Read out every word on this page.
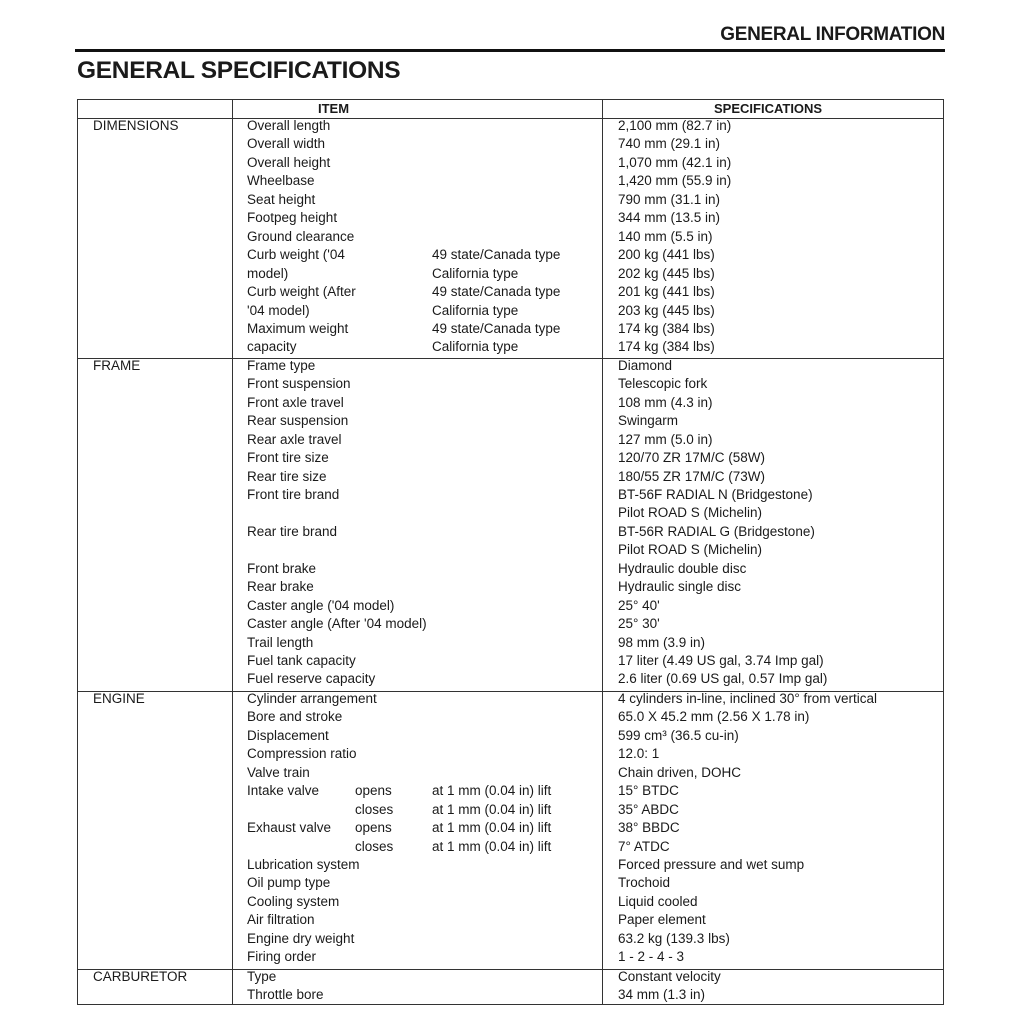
GENERAL INFORMATION
GENERAL SPECIFICATIONS
ITEM	SPECIFICATIONS
DIMENSIONS	Overall length	2,100 mm (82.7 in)
Overall width	740 mm (29.1 in)
Overall height	1,070 mm (42.1 in)
Wheelbase	1,420 mm (55.9 in)
Seat height	790 mm (31.1 in)
Footpeg height	344 mm (13.5 in)
Ground clearance	140 mm (5.5 in)
Curb weight ('04	49 state/Canada type	200 kg (441 lbs)
model)	California type	202 kg (445 lbs)
Curb weight (After	49 state/Canada type	201 kg (441 lbs)
'04 model)	California type	203 kg (445 lbs)
Maximum weight	49 state/Canada type	174 kg (384 lbs)
capacity	California type	174 kg (384 lbs)
FRAME	Frame type	Diamond
Front suspension	Telescopic fork
Front axle travel	108 mm (4.3 in)
Rear suspension	Swingarm
Rear axle travel	127 mm (5.0 in)
Front tire size	120/70 ZR 17M/C (58W)
Rear tire size	180/55 ZR 17M/C (73W)
Front tire brand	BT-56F RADIAL N (Bridgestone)
Pilot ROAD S (Michelin)
Rear tire brand	BT-56R RADIAL G (Bridgestone)
Pilot ROAD S (Michelin)
Front brake	Hydraulic double disc
Rear brake	Hydraulic single disc
Caster angle ('04 model)	25° 40'
Caster angle (After '04 model)	25° 30'
Trail length	98 mm (3.9 in)
Fuel tank capacity	17 liter (4.49 US gal, 3.74 Imp gal)
Fuel reserve capacity	2.6 liter (0.69 US gal, 0.57 Imp gal)
ENGINE	Cylinder arrangement	4 cylinders in-line, inclined 30° from vertical
Bore and stroke	65.0 X 45.2 mm (2.56 X 1.78 in)
Displacement	599 cm³ (36.5 cu-in)
Compression ratio	12.0: 1
Valve train	Chain driven, DOHC
Intake valve	opens	at 1 mm (0.04 in) lift	15° BTDC
closes	at 1 mm (0.04 in) lift	35° ABDC
Exhaust valve opens	at 1 mm (0.04 in) lift	38° BBDC
closes	at 1 mm (0.04 in) lift	7° ATDC
Lubrication system	Forced pressure and wet sump
Oil pump type	Trochoid
Cooling system	Liquid cooled
Air filtration	Paper element
Engine dry weight	63.2 kg (139.3 lbs)
Firing order	1 - 2 - 4 - 3
CARBURETOR	Type	Constant velocity
Throttle bore	34 mm (1.3 in)
